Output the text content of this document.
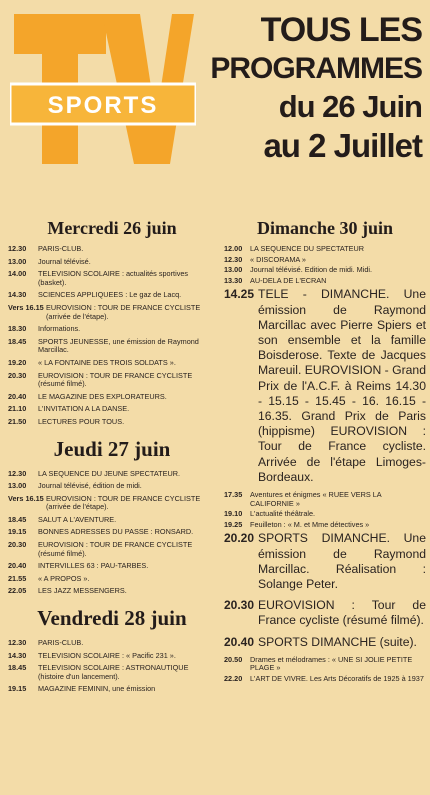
SPORTS
TOUS LES
PROGRAMMES
du 26 Juin
au 2 Juillet
Mercredi 26 juin
12.30	PARIS-CLUB.
13.00	Journal télévisé.
14.00	TELEVISION SCOLAIRE : actualités sportives (basket).
14.30	SCIENCES APPLIQUEES : Le gaz de Lacq.
Vers 16.15 EUROVISION : TOUR DE FRANCE CYCLISTE (arrivée de l'étape).
18.30	Informations.
18.45	SPORTS JEUNESSE, une émission de Raymond Marcillac.
19.20	« LA FONTAINE DES TROIS SOLDATS ».
20.30	EUROVISION : TOUR DE FRANCE CYCLISTE (résumé filmé).
20.40	LE MAGAZINE DES EXPLORATEURS.
21.10	L'INVITATION A LA DANSE.
21.50	LECTURES POUR TOUS.
Jeudi 27 juin
12.30	LA SEQUENCE DU JEUNE SPECTATEUR.
13.00	Journal télévisé, édition de midi.
Vers 16.15 EUROVISION : TOUR DE FRANCE CYCLISTE (arrivée de l'étape).
18.45	SALUT A L'AVENTURE.
19.15	BONNES ADRESSES DU PASSE : RONSARD.
20.30	EUROVISION : TOUR DE FRANCE CYCLISTE (résumé filmé).
20.40	INTERVILLES 63 : PAU-TARBES.
21.55	« A PROPOS ».
22.05	LES JAZZ MESSENGERS.
Vendredi 28 juin
12.30	PARIS-CLUB.
14.30	TELEVISION SCOLAIRE : « Pacific 231 ».
18.45	TELEVISION SCOLAIRE : ASTRONAUTIQUE (histoire d'un lancement).
19.15	MAGAZINE FEMININ, une émission
Dimanche 30 juin
12.00	LA SEQUENCE DU SPECTATEUR
12.30	« DISCORAMA »
13.00	Journal télévisé. Edition de midi. Midi.
13.30	AU-DELA DE L'ECRAN
14.25 TELE - DIMANCHE. Une émission de Raymond Marcillac avec Pierre Spiers et son ensemble et la famille Boisderose. Texte de Jacques Mareuil. EUROVISION - Grand Prix de l'A.C.F. à Reims 14.30 - 15.15 - 15.45 - 16. 16.15 - 16.35. Grand Prix de Paris (hippisme) EUROVISION : Tour de France cycliste. Arrivée de l'étape Limoges-Bordeaux.
17.35	Aventures et énigmes « RUEE VERS LA CALIFORNIE »
19.10	L'actualité théâtrale.
19.25	Feuilleton : « M. et Mme détectives »
20.20 SPORTS DIMANCHE. Une émission de Raymond Marcillac. Réalisation : Solange Peter.
20.30 EUROVISION : Tour de France cycliste (résumé filmé).
20.40 SPORTS DIMANCHE (suite).
20.50	Drames et mélodrames : « UNE SI JOLIE PETITE PLAGE »
22.20	L'ART DE VIVRE. Les Arts Décoratifs de 1925 à 1937
